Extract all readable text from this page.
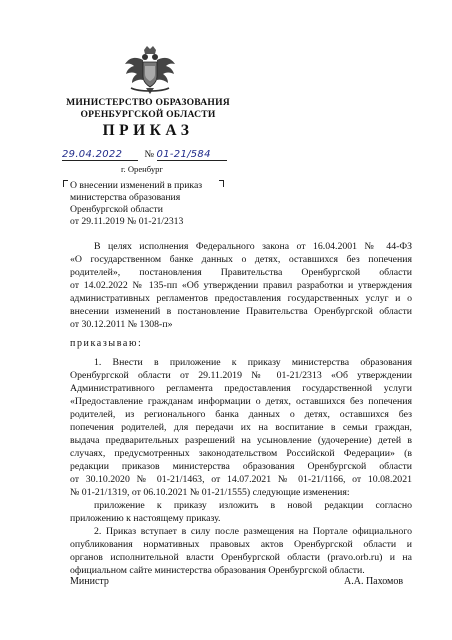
МИНИСТЕРСТВО ОБРАЗОВАНИЯ
ОРЕНБУРГСКОЙ ОБЛАСТИ
ПРИКАЗ
29.04.2022 № 01-21/584
г. Оренбург
О внесении изменений в приказ
министерства образования
Оренбургской области
от 29.11.2019 № 01-21/2313
В целях исполнения Федерального закона от 16.04.2001 № 44-ФЗ
«О государственном банке данных о детях, оставшихся без попечения
родителей», постановления Правительства Оренбургской области
от 14.02.2022 № 135-пп «Об утверждении правил разработки и утверждения
административных регламентов предоставления государственных услуг и о
внесении изменений в постановление Правительства Оренбургской области
от 30.12.2011 № 1308-п»
приказываю:
1. Внести в приложение к приказу министерства образования
Оренбургской области от 29.11.2019 № 01-21/2313 «Об утверждении
Административного регламента предоставления государственной услуги
«Предоставление гражданам информации о детях, оставшихся без попечения
родителей, из регионального банка данных о детях, оставшихся без
попечения родителей, для передачи их на воспитание в семьи граждан,
выдача предварительных разрешений на усыновление (удочерение) детей в
случаях, предусмотренных законодательством Российской Федерации» (в
редакции приказов министерства образования Оренбургской области
от 30.10.2020 № 01-21/1463, от 14.07.2021 № 01-21/1166, от 10.08.2021
№ 01-21/1319, от 06.10.2021 № 01-21/1555) следующие изменения:
приложение к приказу изложить в новой редакции согласно
приложению к настоящему приказу.
2. Приказ вступает в силу после размещения на Портале официального
опубликования нормативных правовых актов Оренбургской области и
органов исполнительной власти Оренбургской области (pravo.orb.ru) и на
официальном сайте министерства образования Оренбургской области.
Министр	А.А. Пахомов
